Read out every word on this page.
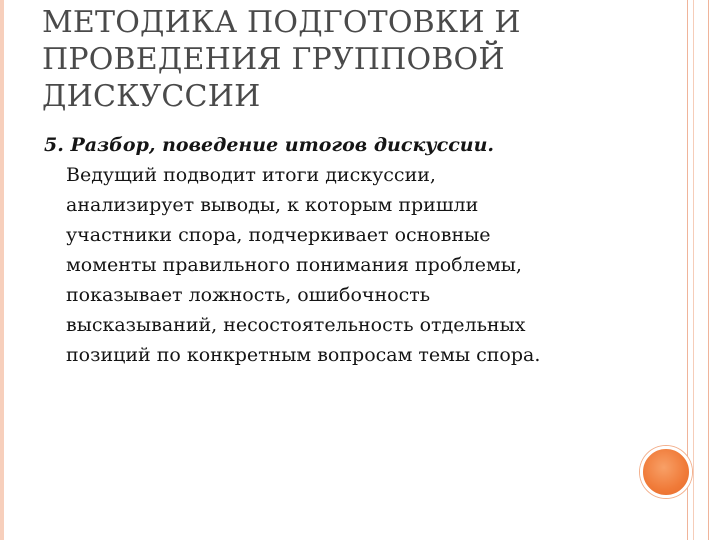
МЕТОДИКА ПОДГОТОВКИ И
ПРОВЕДЕНИЯ ГРУППОВОЙ
ДИСКУССИИ

5. Разбор, поведение итогов дискуссии.

Ведущий подводит итоги дискуссии,
анализирует выводы, к которым пришли
участники спора, подчеркивает основные
моменты правильного понимания проблемы,
показывает ложность, ошибочность
высказываний, несостоятельность отдельных
позиций по конкретным вопросам темы спора.
